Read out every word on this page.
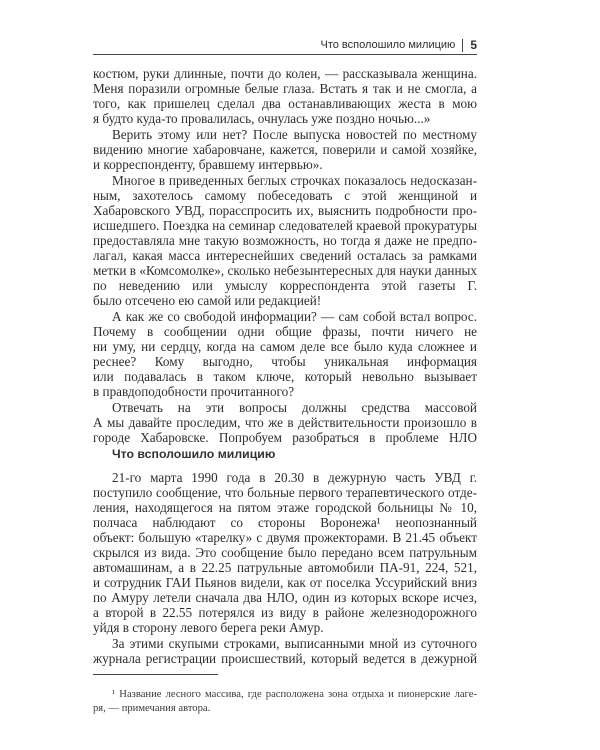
Что всполошило милицию 5
костюм, руки длинные, почти до колен, — рассказывала женщина.
Меня поразили огромные белые глаза. Встать я так и не смогла, а
того, как пришелец сделал два останавливающих жеста в мою
я будто куда-то провалилась, очнулась уже поздно ночью...»
Верить этому или нет? После выпуска новостей по местному
видению многие хабаровчане, кажется, поверили и самой хозяйке,
и корреспонденту, бравшему интервью».
Многое в приведенных беглых строчках показалось недосказан-
ным, захотелось самому побеседовать с этой женщиной и
Хабаровского УВД, порасспросить их, выяснить подробности про-
исшедшего. Поездка на семинар следователей краевой прокуратуры
предоставляла мне такую возможность, но тогда я даже не предпо-
лагал, какая масса интереснейших сведений осталась за рамками
метки в «Комсомолке», сколько небезынтересных для науки данных
по неведению или умыслу корреспондента этой газеты Г.
было отсечено ею самой или редакцией!
А как же со свободой информации? — сам собой встал вопрос.
Почему в сообщении одни общие фразы, почти ничего не
ни уму, ни сердцу, когда на самом деле все было куда сложнее и
реснее? Кому выгодно, чтобы уникальная информация
или подавалась в таком ключе, который невольно вызывает
в правдоподобности прочитанного?
Отвечать на эти вопросы должны средства массовой
А мы давайте проследим, что же в действительности произошло в
городе Хабаровске. Попробуем разобраться в проблеме НЛО
Что всполошило милицию
21-го марта 1990 года в 20.30 в дежурную часть УВД г.
поступило сообщение, что больные первого терапевтического отде-
ления, находящегося на пятом этаже городской больницы № 10,
полчаса наблюдают со стороны Воронежа¹ неопознанный
объект: большую «тарелку» с двумя прожекторами. В 21.45 объект
скрылся из вида. Это сообщение было передано всем патрульным
автомашинам, а в 22.25 патрульные автомобили ПА-91, 224, 521,
и сотрудник ГАИ Пьянов видели, как от поселка Уссурийский вниз
по Амуру летели сначала два НЛО, один из которых вскоре исчез,
а второй в 22.55 потерялся из виду в районе железнодорожного
уйдя в сторону левого берега реки Амур.
За этими скупыми строками, выписанными мной из суточного
журнала регистрации происшествий, который ведется в дежурной
¹ Название лесного массива, где расположена зона отдыха и пионерские лаге-
ря, — примечания автора.
